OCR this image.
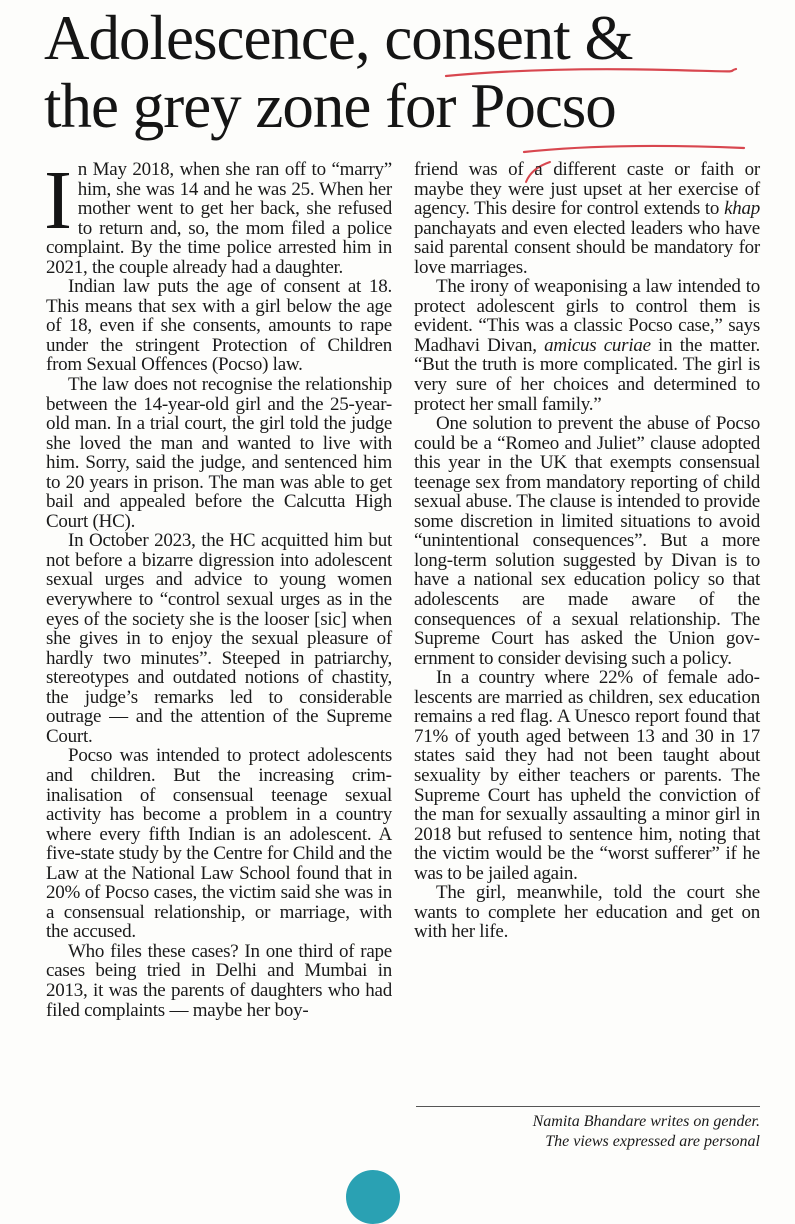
Adolescence, consent &
the grey zone for Pocso

In May 2018, when she ran off to “marry” him, she was 14 and he was 25. When her mother went to get her back, she refused to return and, so, the mom filed a police complaint. By the time police arrested him in 2021, the couple already had a daughter.

Indian law puts the age of consent at 18. This means that sex with a girl below the age of 18, even if she consents, amounts to rape under the stringent Protection of Children from Sexual Offences (Pocso) law.

The law does not recognise the relationship between the 14-year-old girl and the 25-year-old man. In a trial court, the girl told the judge she loved the man and wanted to live with him. Sorry, said the judge, and sentenced him to 20 years in prison. The man was able to get bail and appealed before the Calcutta High Court (HC).

In October 2023, the HC acquitted him but not before a bizarre digression into adolescent sexual urges and advice to young women everywhere to “control sexual urges as in the eyes of the society she is the looser [sic] when she gives in to enjoy the sexual pleasure of hardly two minutes”. Steeped in patriarchy, stereotypes and outdated notions of chastity, the judge’s remarks led to considerable outrage — and the attention of the Supreme Court.

Pocso was intended to protect adolescents and children. But the increasing criminalisation of consensual teenage sexual activity has become a problem in a country where every fifth Indian is an adolescent. A five-state study by the Centre for Child and the Law at the National Law School found that in 20% of Pocso cases, the victim said she was in a consensual relationship, or marriage, with the accused.

Who files these cases? In one third of rape cases being tried in Delhi and Mumbai in 2013, it was the parents of daughters who had filed complaints — maybe her boy-

friend was of a different caste or faith or maybe they were just upset at her exercise of agency. This desire for control extends to khap panchayats and even elected leaders who have said parental consent should be mandatory for love marriages.

The irony of weaponising a law intended to protect adolescent girls to control them is evident. “This was a classic Pocso case,” says Madhavi Divan, amicus curiae in the matter. “But the truth is more complicated. The girl is very sure of her choices and determined to protect her small family.”

One solution to prevent the abuse of Pocso could be a “Romeo and Juliet” clause adopted this year in the UK that exempts consensual teenage sex from mandatory reporting of child sexual abuse. The clause is intended to provide some discretion in limited situations to avoid “unintentional consequences”. But a more long-term solution suggested by Divan is to have a national sex education policy so that adolescents are made aware of the consequences of a sexual relationship. The Supreme Court has asked the Union government to consider devising such a policy.

In a country where 22% of female adolescents are married as children, sex education remains a red flag. A Unesco report found that 71% of youth aged between 13 and 30 in 17 states said they had not been taught about sexuality by either teachers or parents. The Supreme Court has upheld the conviction of the man for sexually assaulting a minor girl in 2018 but refused to sentence him, noting that the victim would be the “worst sufferer” if he was to be jailed again.

The girl, meanwhile, told the court she wants to complete her education and get on with her life.

Namita Bhandare writes on gender.
The views expressed are personal
